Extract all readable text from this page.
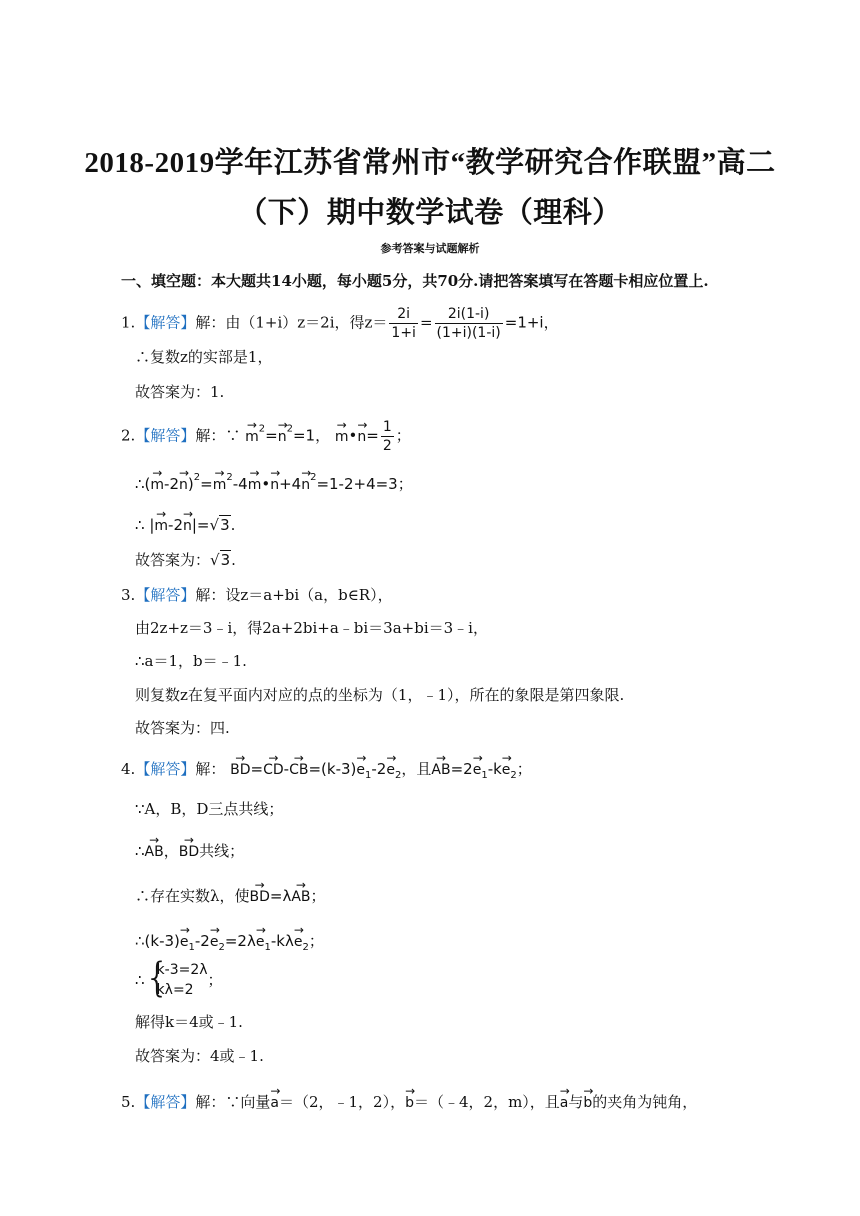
2018-2019学年江苏省常州市“教学研究合作联盟”高二
（下）期中数学试卷（理科）
参考答案与试题解析
一、填空题：本大题共14小题，每小题5分，共70分.请把答案填写在答题卡相应位置上.
1.【解答】解：由（1+i）z＝2i，得$z= \frac{2i}{1+i} = \frac{2i(1-i)}{(1+i)(1-i)} =1+i$，
∴复数z的实部是1，
故答案为：1.
2.【解答】解：∵ → $m^2=\to n^2=1$， → m•→ $n= \frac{1}{2}$ ；
∴(→ $m-2\to n)^2=\to m^2-4\to$ m•→ $n+4\to n^2=1-2+4=3$；
∴ |→ m-2→ n|=√3.
故答案为：√3.
3.【解答】解：设z＝a+bi（a，b∈R），
由2z+z＝3﹣i，得2a+2bi+a﹣bi＝3a+bi＝3﹣i，
∴a＝1，b＝﹣1.
则复数z在复平面内对应的点的坐标为（1，﹣1），所在的象限是第四象限.
故答案为：四.
4.【解答】解： → $BD=\to CD-\to CB=(k-3)\to e_1-2\to e_2$，且→ $AB=2\to e_1-k\to e_2$；
∵A，B，D三点共线；
∴→ AB，→ BD共线；
∴存在实数λ，使→ BD=λ→ AB；
∴(k-3)→ $e_1-2\to e_2=2\lambda\to e_1-k\lambda\to e_2$；
∴
{ k-3=2λ
kλ=2
；
解得k＝4或﹣1.
故答案为：4或﹣1.
5.【解答】解：∵向量→ a＝（2，﹣1，2），→ b＝（﹣4，2，m），且→ a与→ b的夹角为钝角，
